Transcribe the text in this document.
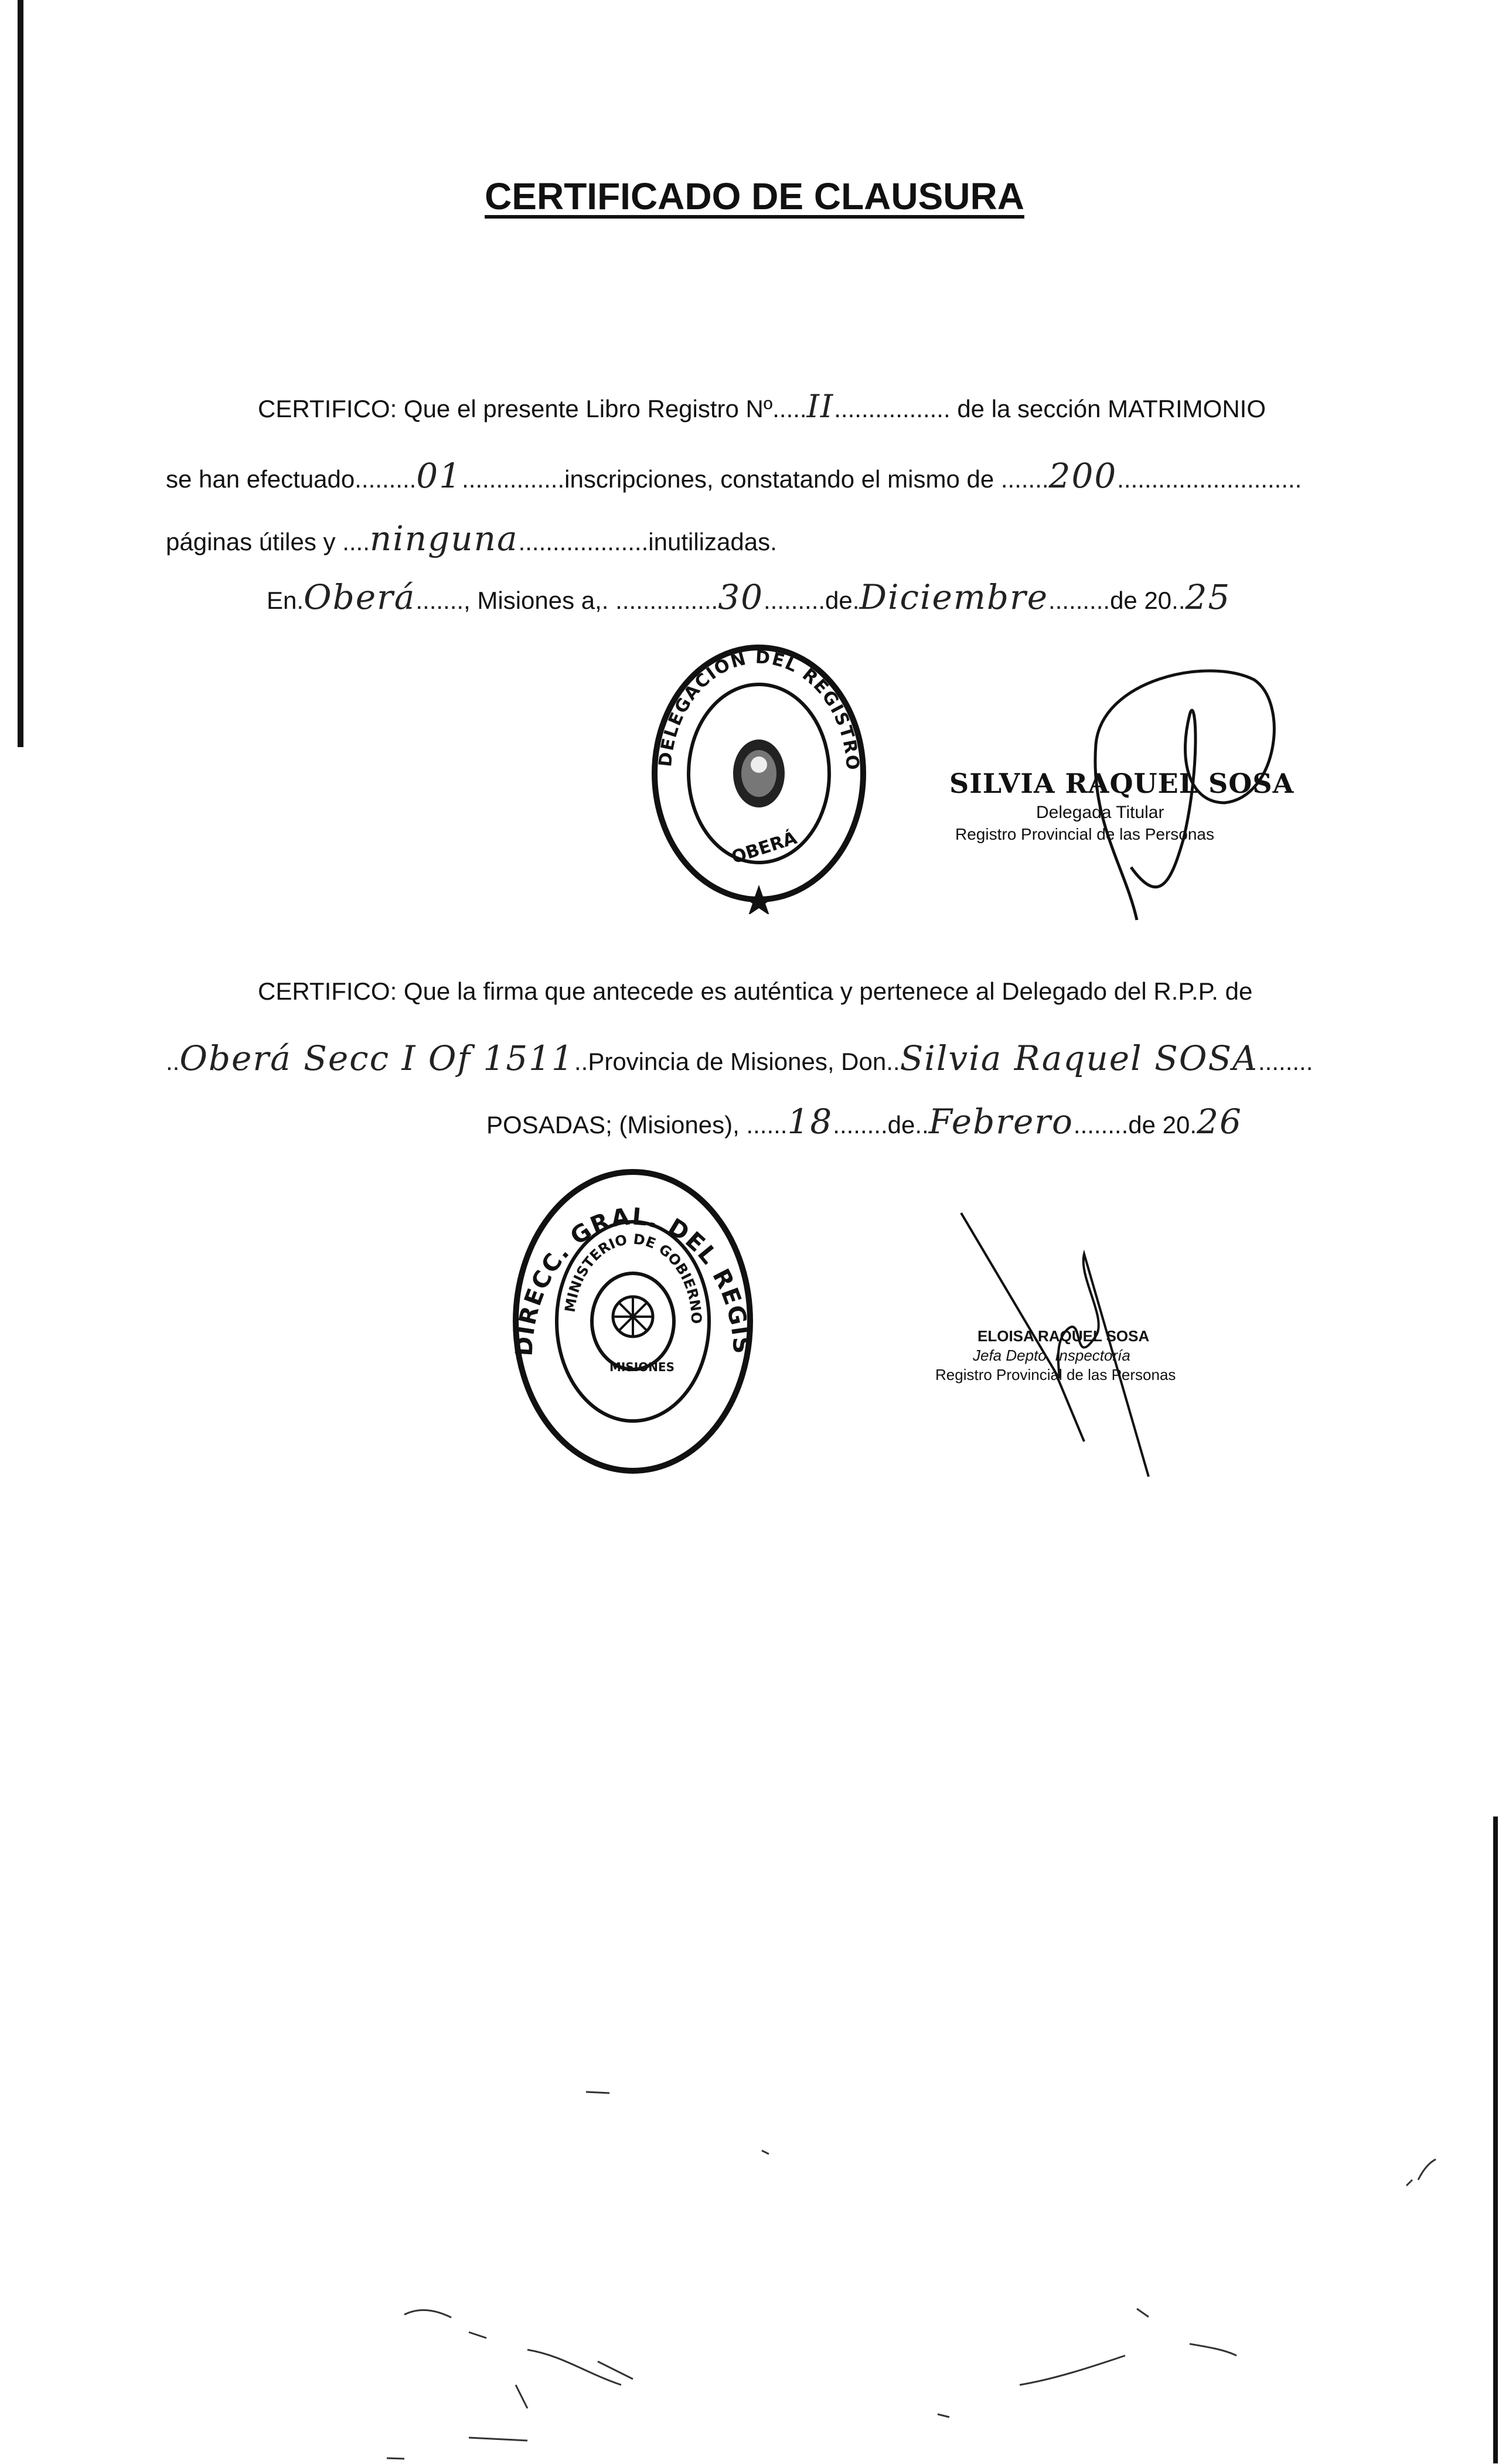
CERTIFICADO DE CLAUSURA
CERTIFICO: Que el presente Libro Registro Nº.....II................. de la sección MATRIMONIO
se han efectuado.........01...............inscripciones, constatando el mismo de .......200...........................
páginas útiles y ....ninguna...................inutilizadas.
En.Oberá......., Misiones a,. ...............30.........de.Diciembre.........de 20..25
DELEGACIÓN DEL REGISTRO
OBERÁ
SILVIA RAQUEL SOSA
Delegada Titular
Registro Provincial de las Personas
CERTIFICO: Que la firma que antecede es auténtica y pertenece al Delegado del R.P.P. de
..Oberá Secc I Of 1511..Provincia de Misiones, Don..Silvia Raquel SOSA........
POSADAS; (Misiones), ......18........de..Febrero........de 20.26
DIRECC. GRAL. DEL REGIS
MINISTERIO DE GOBIERNO
MISIONES
ELOISA RAQUEL SOSA
Jefa Depto. Inspectoría
Registro Provincial de las Personas
